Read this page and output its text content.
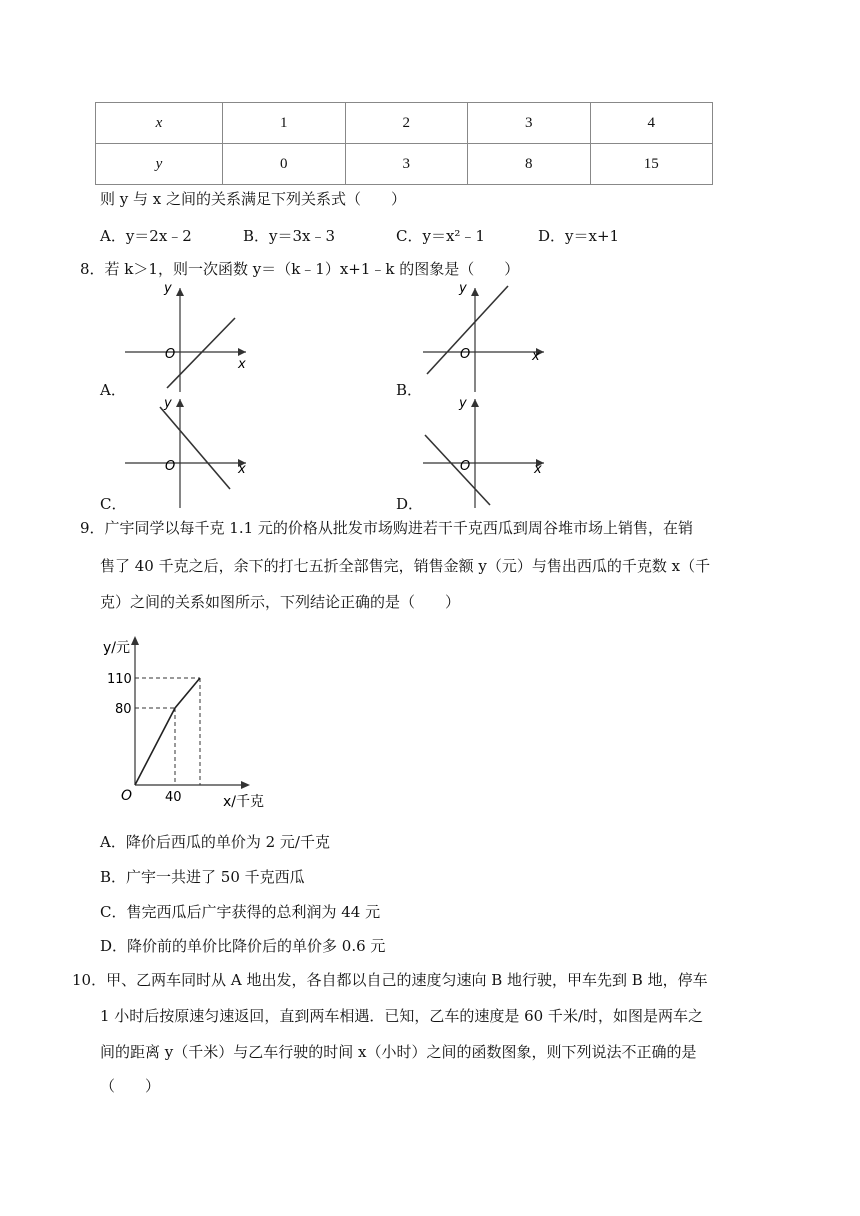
x	1	2	3	4
y	0	3	8	15
则 y 与 x 之间的关系满足下列关系式（　　）
A．y＝2x﹣2	B．y＝3x﹣3	C．y＝x²﹣1	D．y＝x+1
8．若 k＞1，则一次函数 y＝（k﹣1）x+1﹣k 的图象是（　　）
A．	B．
C．	D．
y
x
O
y
x
O
y
x
O
y
x
O
9．广宇同学以每千克 1.1 元的价格从批发市场购进若干千克西瓜到周谷堆市场上销售，在销
售了 40 千克之后，余下的打七五折全部售完，销售金额 y（元）与售出西瓜的千克数 x（千
克）之间的关系如图所示，下列结论正确的是（　　）
y/元
110
80
40
O	x/千克
A．降价后西瓜的单价为 2 元/千克
B．广宇一共进了 50 千克西瓜
C．售完西瓜后广宇获得的总利润为 44 元
D．降价前的单价比降价后的单价多 0.6 元
10．甲、乙两车同时从 A 地出发，各自都以自己的速度匀速向 B 地行驶，甲车先到 B 地，停车
1 小时后按原速匀速返回，直到两车相遇．已知，乙车的速度是 60 千米/时，如图是两车之
间的距离 y（千米）与乙车行驶的时间 x（小时）之间的函数图象，则下列说法不正确的是
（　　）
